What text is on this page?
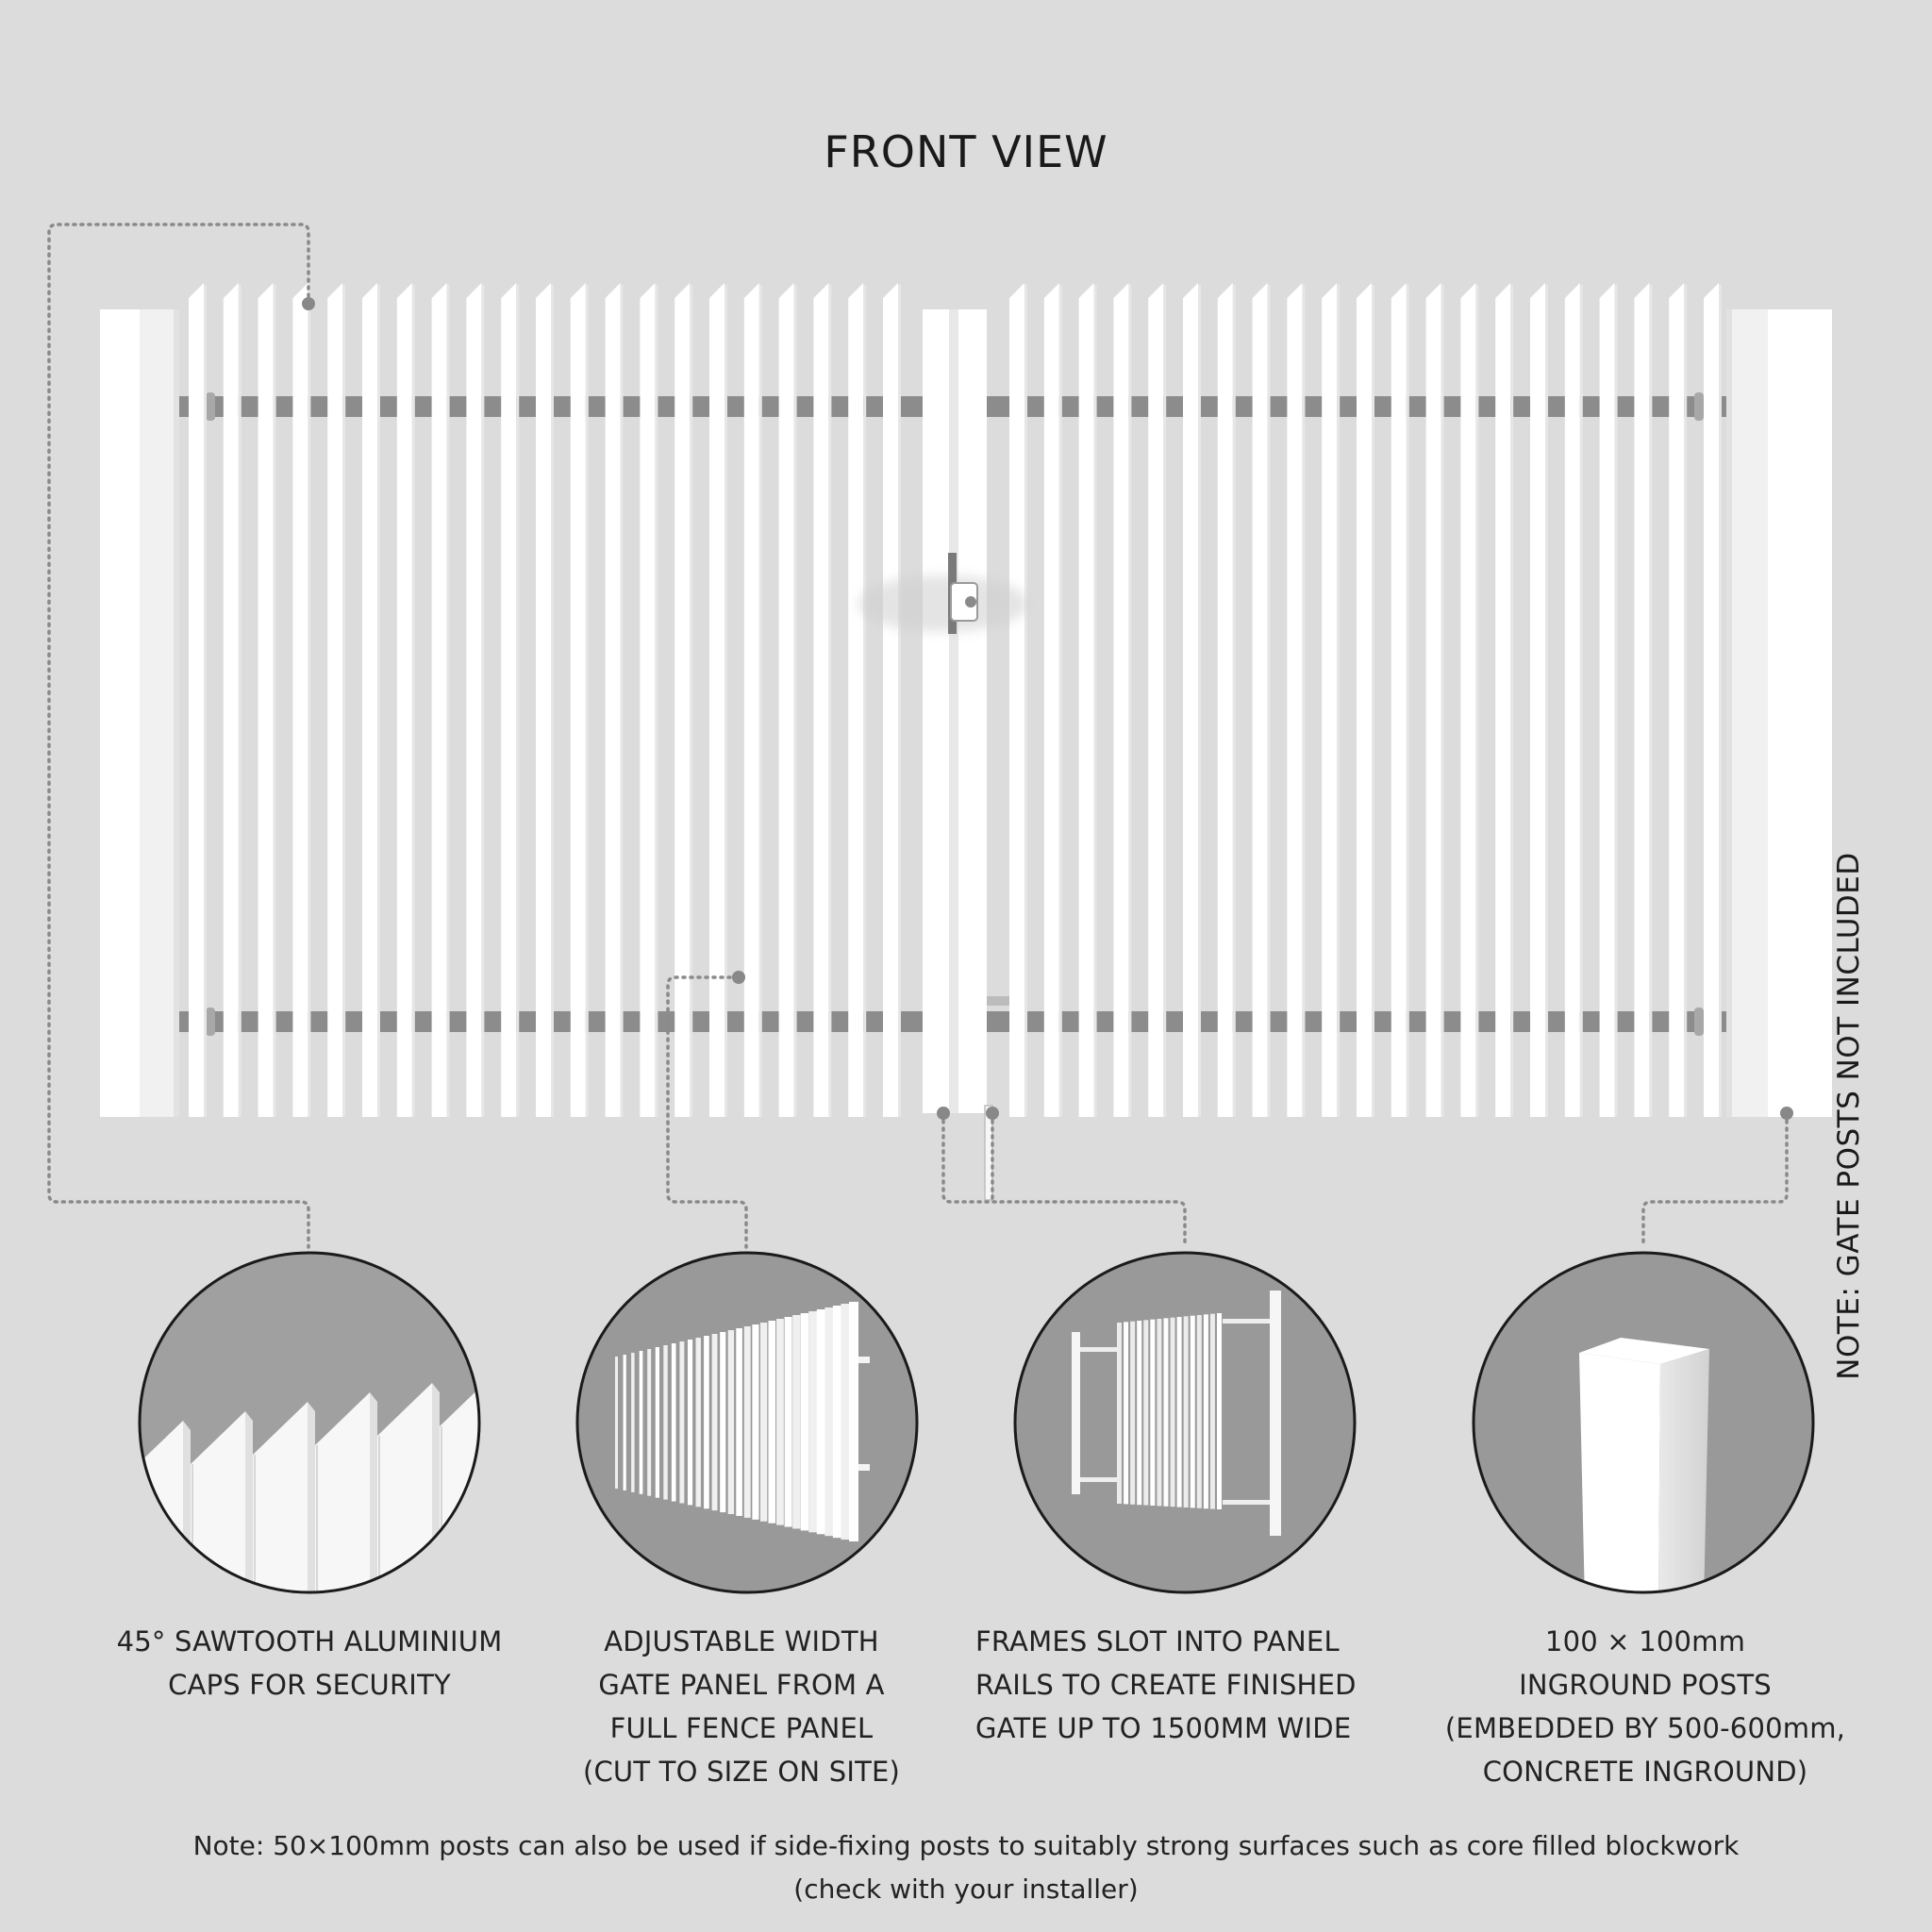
FRONT VIEW
NOTE: GATE POSTS NOT INCLUDED
45° SAWTOOTH ALUMINIUM
CAPS FOR SECURITY
ADJUSTABLE WIDTH
GATE PANEL FROM A
FULL FENCE PANEL
(CUT TO SIZE ON SITE)
FRAMES SLOT INTO PANEL
RAILS TO CREATE FINISHED
GATE UP TO 1500MM WIDE
100 × 100mm
INGROUND POSTS
(EMBEDDED BY 500-600mm,
CONCRETE INGROUND)
Note: 50×100mm posts can also be used if side-fixing posts to suitably strong surfaces such as core filled blockwork
(check with your installer)
